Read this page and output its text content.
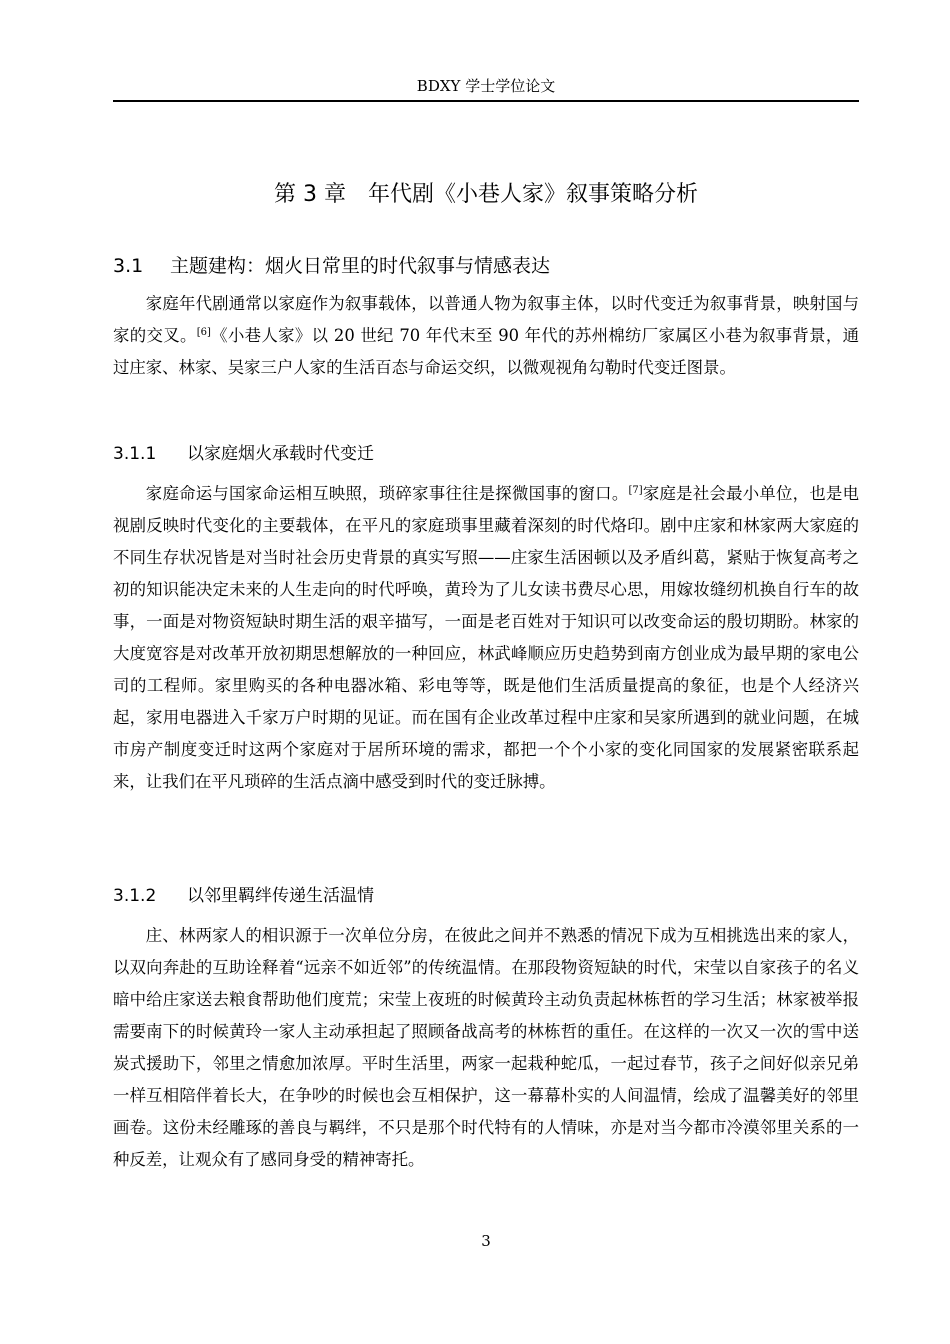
BDXY 学士学位论文
第 3 章　年代剧《小巷人家》叙事策略分析
3.1 主题建构：烟火日常里的时代叙事与情感表达

家庭年代剧通常以家庭作为叙事载体，以普通人物为叙事主体，以时代变迁为叙事背景，映射国与家的交叉。[6]《小巷人家》以 20 世纪 70 年代末至 90 年代的苏州棉纺厂家属区小巷为叙事背景，通过庄家、林家、吴家三户人家的生活百态与命运交织，以微观视角勾勒时代变迁图景。

3.1.1 以家庭烟火承载时代变迁

家庭命运与国家命运相互映照，琐碎家事往往是探微国事的窗口。[7]家庭是社会最小单位，也是电视剧反映时代变化的主要载体，在平凡的家庭琐事里藏着深刻的时代烙印。剧中庄家和林家两大家庭的不同生存状况皆是对当时社会历史背景的真实写照——庄家生活困顿以及矛盾纠葛，紧贴于恢复高考之初的知识能决定未来的人生走向的时代呼唤，黄玲为了儿女读书费尽心思，用嫁妆缝纫机换自行车的故事，一面是对物资短缺时期生活的艰辛描写，一面是老百姓对于知识可以改变命运的殷切期盼。林家的大度宽容是对改革开放初期思想解放的一种回应，林武峰顺应历史趋势到南方创业成为最早期的家电公司的工程师。家里购买的各种电器冰箱、彩电等等，既是他们生活质量提高的象征，也是个人经济兴起，家用电器进入千家万户时期的见证。而在国有企业改革过程中庄家和吴家所遇到的就业问题，在城市房产制度变迁时这两个家庭对于居所环境的需求，都把一个个小家的变化同国家的发展紧密联系起来，让我们在平凡琐碎的生活点滴中感受到时代的变迁脉搏。

3.1.2 以邻里羁绊传递生活温情

庄、林两家人的相识源于一次单位分房，在彼此之间并不熟悉的情况下成为互相挑选出来的家人，以双向奔赴的互助诠释着“远亲不如近邻”的传统温情。在那段物资短缺的时代，宋莹以自家孩子的名义暗中给庄家送去粮食帮助他们度荒；宋莹上夜班的时候黄玲主动负责起林栋哲的学习生活；林家被举报需要南下的时候黄玲一家人主动承担起了照顾备战高考的林栋哲的重任。在这样的一次又一次的雪中送炭式援助下，邻里之情愈加浓厚。平时生活里，两家一起栽种蛇瓜，一起过春节，孩子之间好似亲兄弟一样互相陪伴着长大，在争吵的时候也会互相保护，这一幕幕朴实的人间温情，绘成了温馨美好的邻里画卷。这份未经雕琢的善良与羁绊，不只是那个时代特有的人情味，亦是对当今都市冷漠邻里关系的一种反差，让观众有了感同身受的精神寄托。

3
